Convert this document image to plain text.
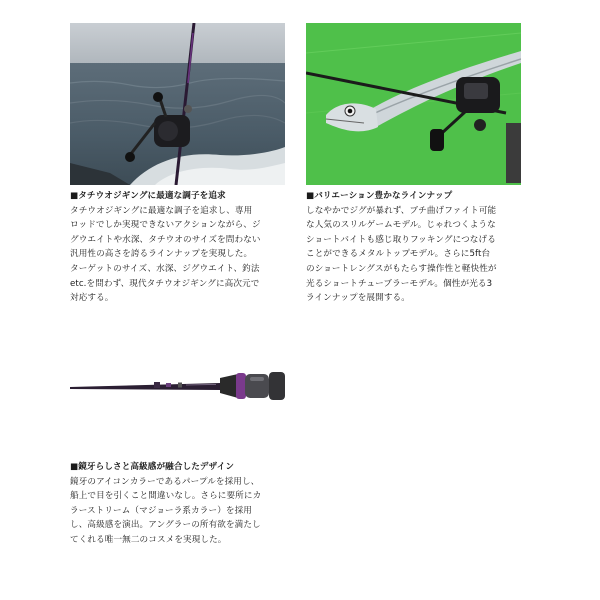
■タチウオジギングに最適な調子を追求
タチウオジギングに最適な調子を追求し、専用
ロッドでしか実現できないアクションながら、ジ
グウエイトや水深、タチウオのサイズを問わない
汎用性の高さを誇るラインナップを実現した。
ターゲットのサイズ、水深、ジグウエイト、釣法
etc.を問わず、現代タチウオジギングに高次元で
対応する。
■バリエーション豊かなラインナップ
しなやかでジグが暴れず、ブチ曲げファイト可能
な人気のスリルゲームモデル。じゃれつくような
ショートバイトも感じ取りフッキングにつなげる
ことができるメタルトップモデル。さらに5ft台
のショートレングスがもたらす操作性と軽快性が
光るショートチューブラーモデル。個性が光る3
ラインナップを展開する。
■鏡牙らしさと高級感が融合したデザイン
鏡牙のアイコンカラーであるパープルを採用し、
船上で目を引くこと間違いなし。さらに要所にカ
ラーストリーム（マジョーラ系カラー）を採用
し、高級感を演出。アングラーの所有欲を満たし
てくれる唯一無二のコスメを実現した。
